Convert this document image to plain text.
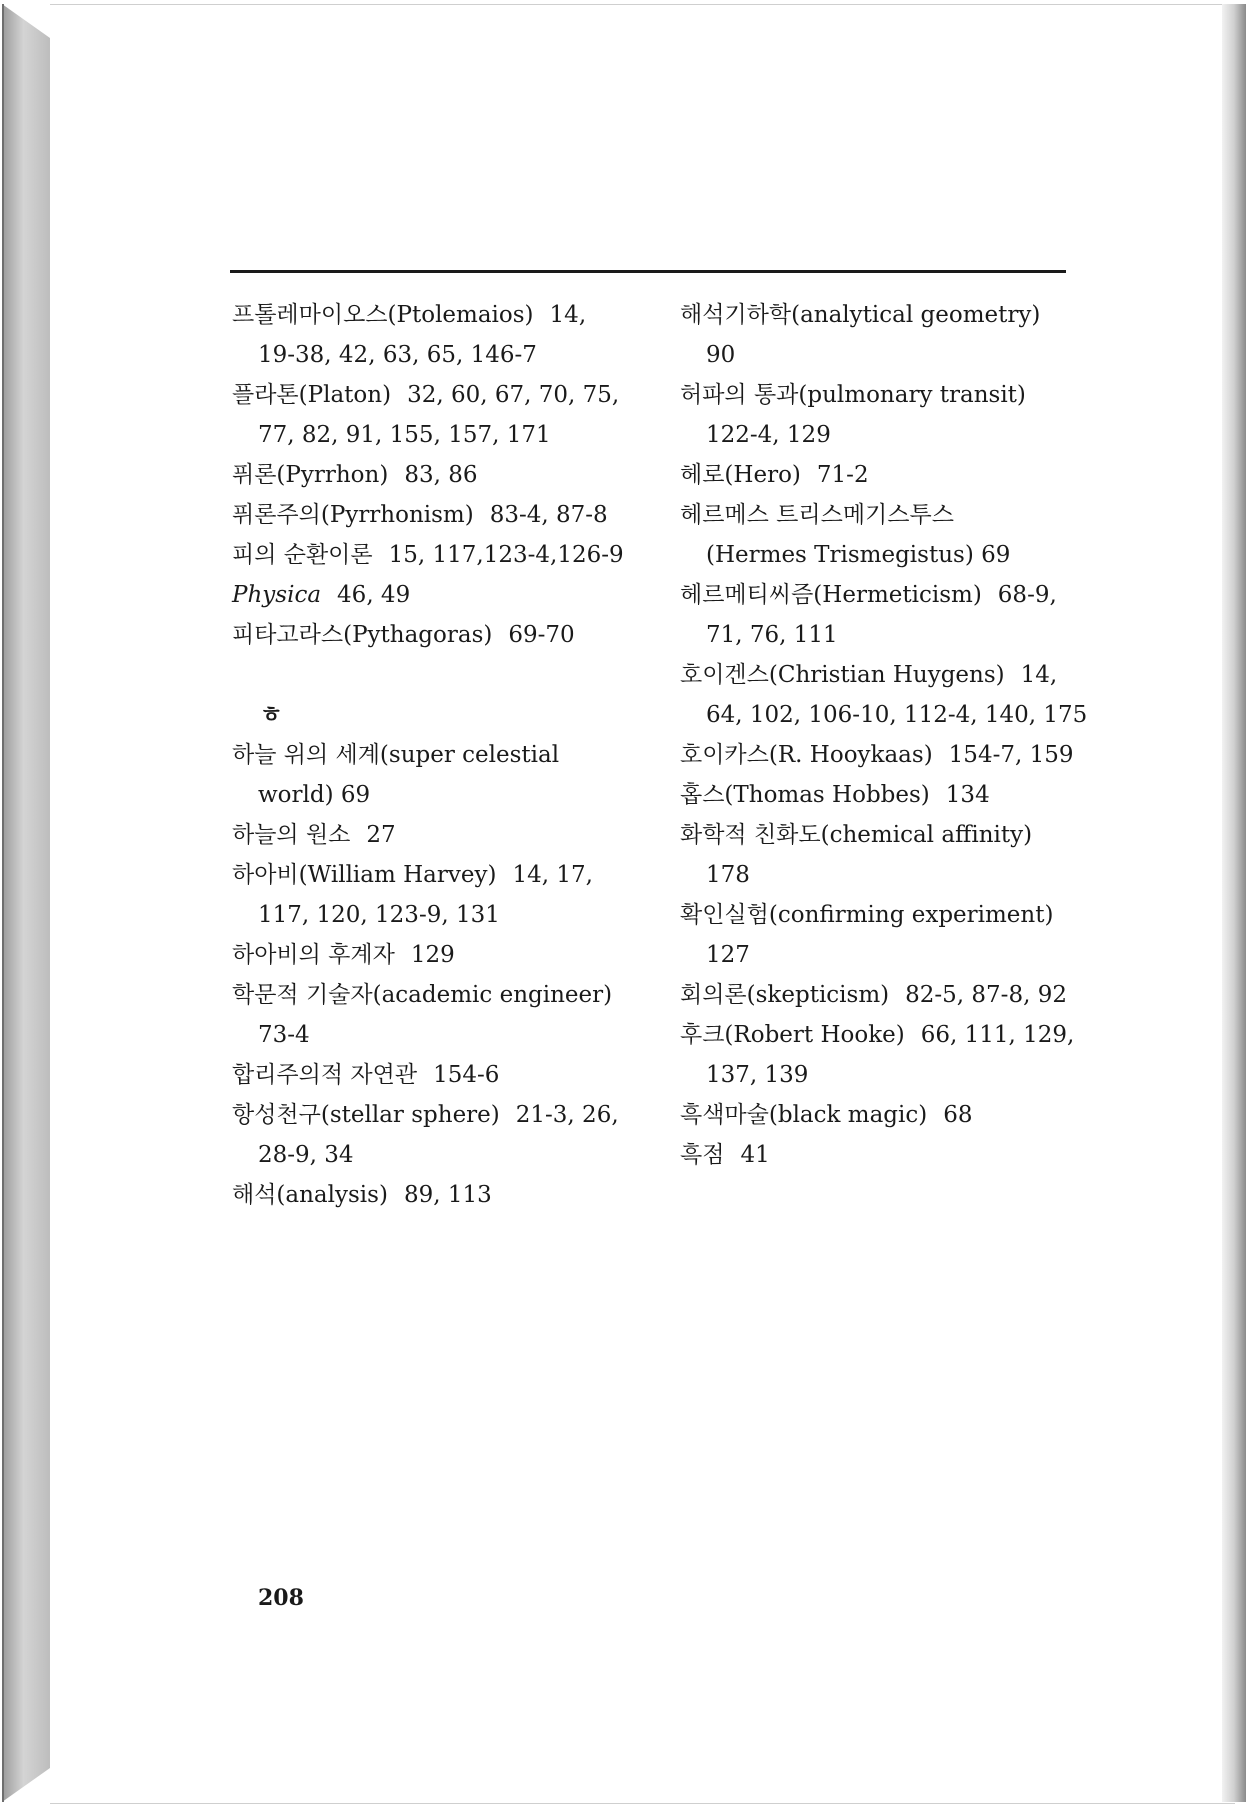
프톨레마이오스(Ptolemaios) 14,
19-38, 42, 63, 65, 146-7
플라톤(Platon) 32, 60, 67, 70, 75,
77, 82, 91, 155, 157, 171
퓌론(Pyrrhon) 83, 86
퓌론주의(Pyrrhonism) 83-4, 87-8
피의 순환이론 15, 117,123-4,126-9
Physica 46, 49
피타고라스(Pythagoras) 69-70
ㅎ
하늘 위의 세계(super celestial
world) 69
하늘의 원소 27
하아비(William Harvey) 14, 17,
117, 120, 123-9, 131
하아비의 후계자 129
학문적 기술자(academic engineer)
73-4
합리주의적 자연관 154-6
항성천구(stellar sphere) 21-3, 26,
28-9, 34
해석(analysis) 89, 113
해석기하학(analytical geometry)
90
허파의 통과(pulmonary transit)
122-4, 129
헤로(Hero) 71-2
헤르메스 트리스메기스투스
(Hermes Trismegistus) 69
헤르메티씨즘(Hermeticism) 68-9,
71, 76, 111
호이겐스(Christian Huygens) 14,
64, 102, 106-10, 112-4, 140, 175
호이카스(R. Hooykaas) 154-7, 159
홉스(Thomas Hobbes) 134
화학적 친화도(chemical affinity)
178
확인실험(confirming experiment)
127
회의론(skepticism) 82-5, 87-8, 92
후크(Robert Hooke) 66, 111, 129,
137, 139
흑색마술(black magic) 68
흑점 41
208
